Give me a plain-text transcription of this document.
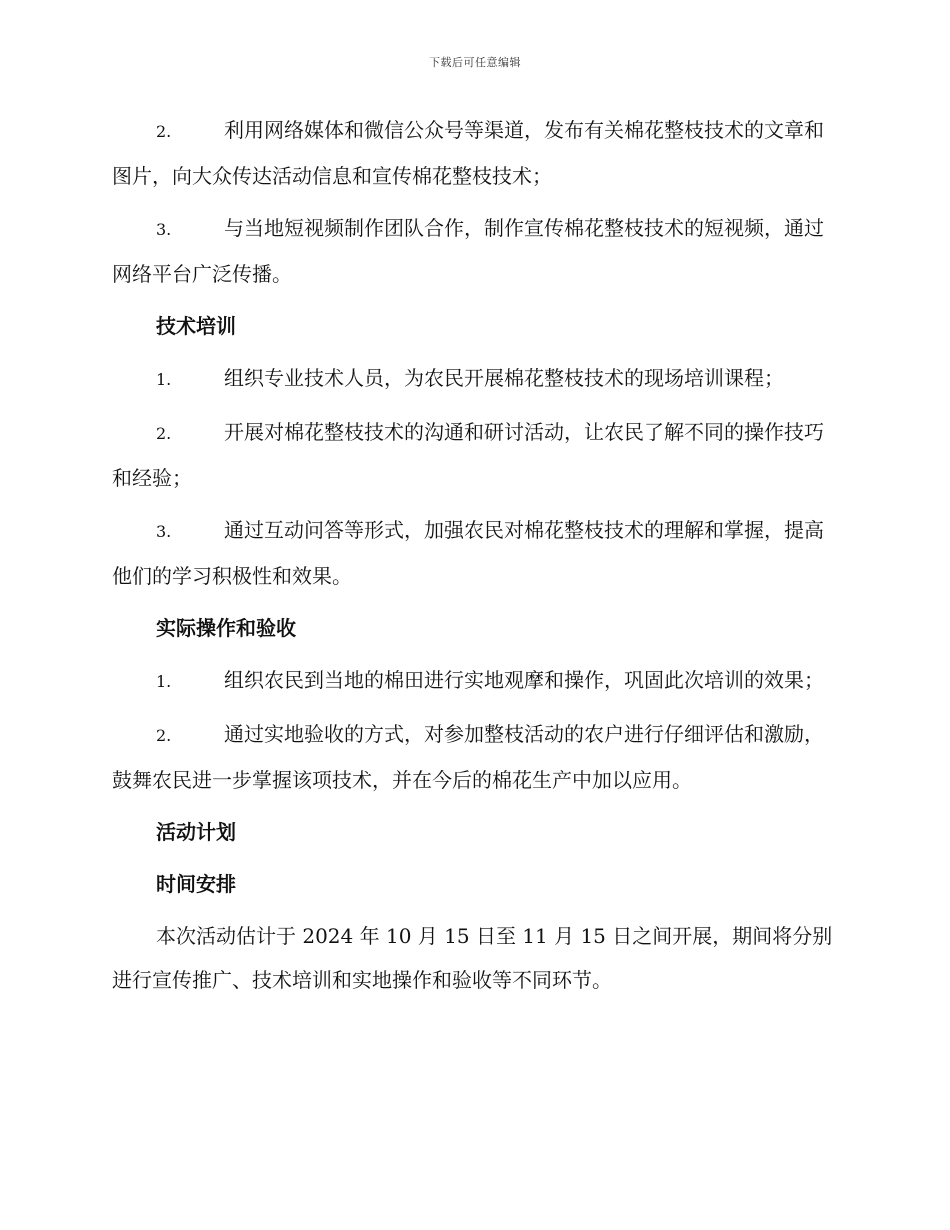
下载后可任意编辑

2.	利用网络媒体和微信公众号等渠道，发布有关棉花整枝技术的文章和图片，向大众传达活动信息和宣传棉花整枝技术；

3.	与当地短视频制作团队合作，制作宣传棉花整枝技术的短视频，通过网络平台广泛传播。

技术培训

1.	组织专业技术人员，为农民开展棉花整枝技术的现场培训课程；

2.	开展对棉花整枝技术的沟通和研讨活动，让农民了解不同的操作技巧和经验；

3.	通过互动问答等形式，加强农民对棉花整枝技术的理解和掌握，提高他们的学习积极性和效果。

实际操作和验收

1.	组织农民到当地的棉田进行实地观摩和操作，巩固此次培训的效果；

2.	通过实地验收的方式，对参加整枝活动的农户进行仔细评估和激励，鼓舞农民进一步掌握该项技术，并在今后的棉花生产中加以应用。

活动计划

时间安排

本次活动估计于 2024 年 10 月 15 日至 11 月 15 日之间开展，期间将分别进行宣传推广、技术培训和实地操作和验收等不同环节。
